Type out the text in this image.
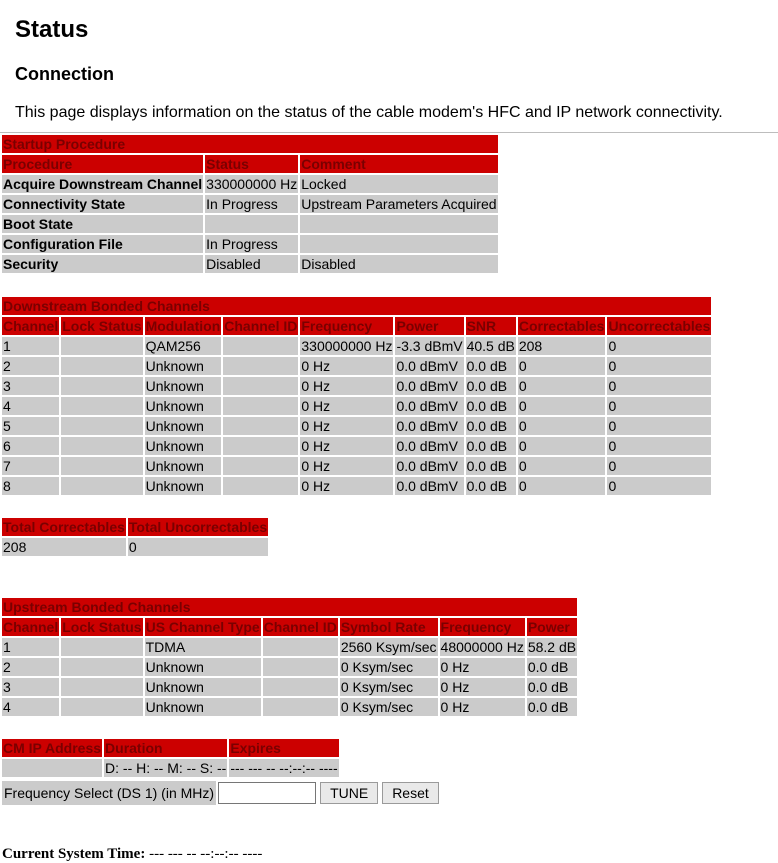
Status
Connection

This page displays information on the status of the cable modem's HFC and IP network connectivity.

Startup Procedure		
Procedure	Status	Comment
Acquire Downstream Channel	330000000 Hz	Locked
Connectivity State	In Progress	Upstream Parameters Acquired
Boot State		
Configuration File	In Progress	
Security	Disabled	Disabled
Downstream Bonded Channels								
Channel	Lock Status	Modulation	Channel ID	Frequency	Power	SNR	Correctables	Uncorrectables
1		QAM256		330000000 Hz	-3.3 dBmV	40.5 dB	208	0
2		Unknown		0 Hz	0.0 dBmV	0.0 dB	0	0
3		Unknown		0 Hz	0.0 dBmV	0.0 dB	0	0
4		Unknown		0 Hz	0.0 dBmV	0.0 dB	0	0
5		Unknown		0 Hz	0.0 dBmV	0.0 dB	0	0
6		Unknown		0 Hz	0.0 dBmV	0.0 dB	0	0
7		Unknown		0 Hz	0.0 dBmV	0.0 dB	0	0
8		Unknown		0 Hz	0.0 dBmV	0.0 dB	0	0
Total Correctables	Total Uncorrectables
208	0
Upstream Bonded Channels						
Channel	Lock Status	US Channel Type	Channel ID	Symbol Rate	Frequency	Power
1		TDMA		2560 Ksym/sec	48000000 Hz	58.2 dB
2		Unknown		0 Ksym/sec	0 Hz	0.0 dB
3		Unknown		0 Ksym/sec	0 Hz	0.0 dB
4		Unknown		0 Ksym/sec	0 Hz	0.0 dB
CM IP Address	Duration	Expires
	D: -- H: -- M: -- S: --	--- --- -- --:--:-- ----
Frequency Select (DS 1) (in MHz)	TUNE	Reset
Current System Time: --- --- -- --:--:-- ----
